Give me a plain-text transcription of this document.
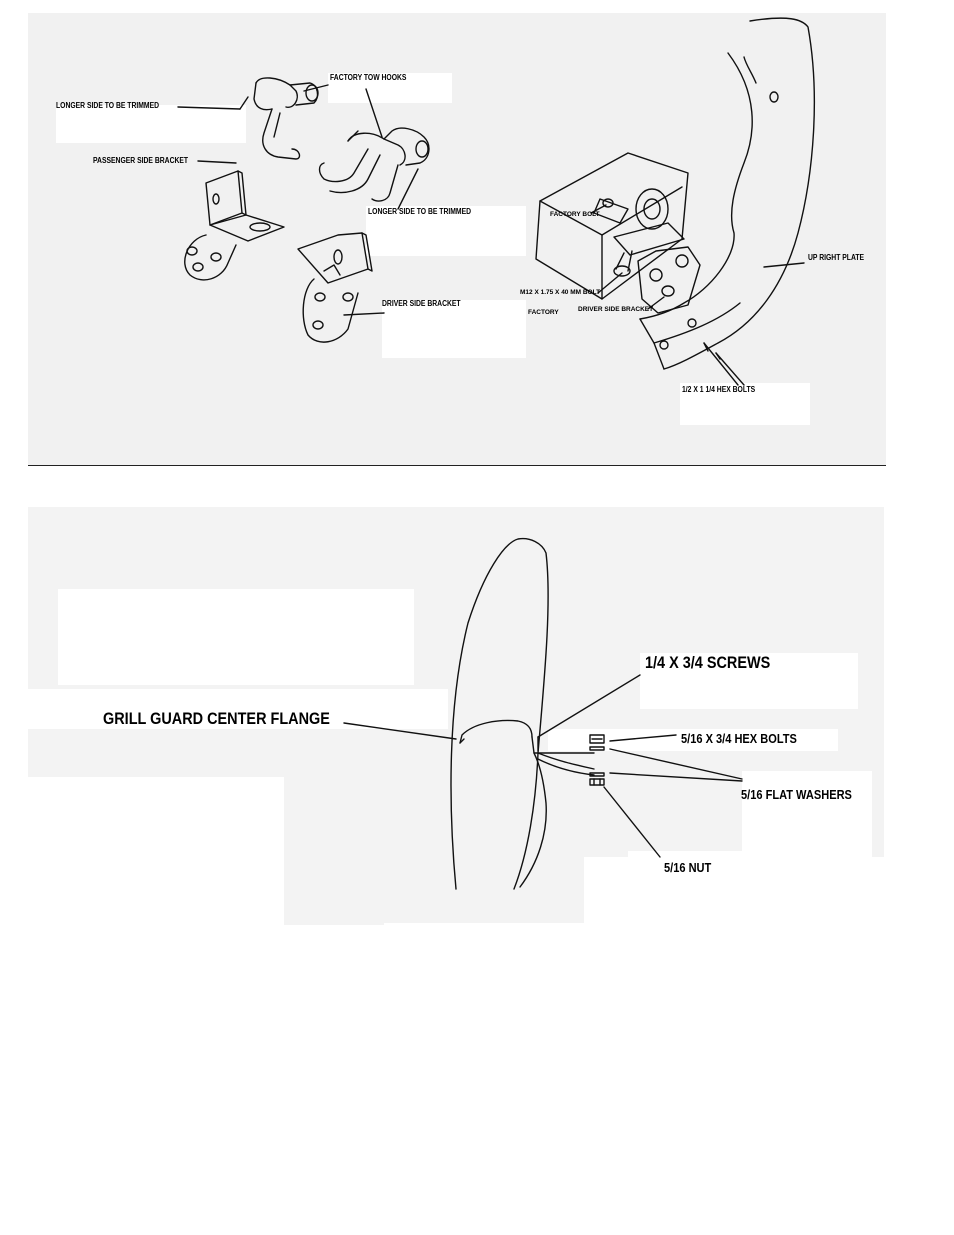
FACTORY TOW HOOKS
LONGER SIDE TO BE TRIMMED
PASSENGER SIDE BRACKET
LONGER SIDE TO BE TRIMMED
DRIVER SIDE BRACKET
FACTORY BOLT
M12 X 1.75 X 40 MM BOLT
FACTORY	DRIVER SIDE BRACKET
UP RIGHT PLATE
1/2 X 1 1/4 HEX BOLTS
1/4 X 3/4 SCREWS
GRILL GUARD CENTER FLANGE
5/16 X 3/4 HEX BOLTS
5/16 FLAT WASHERS
5/16 NUT
